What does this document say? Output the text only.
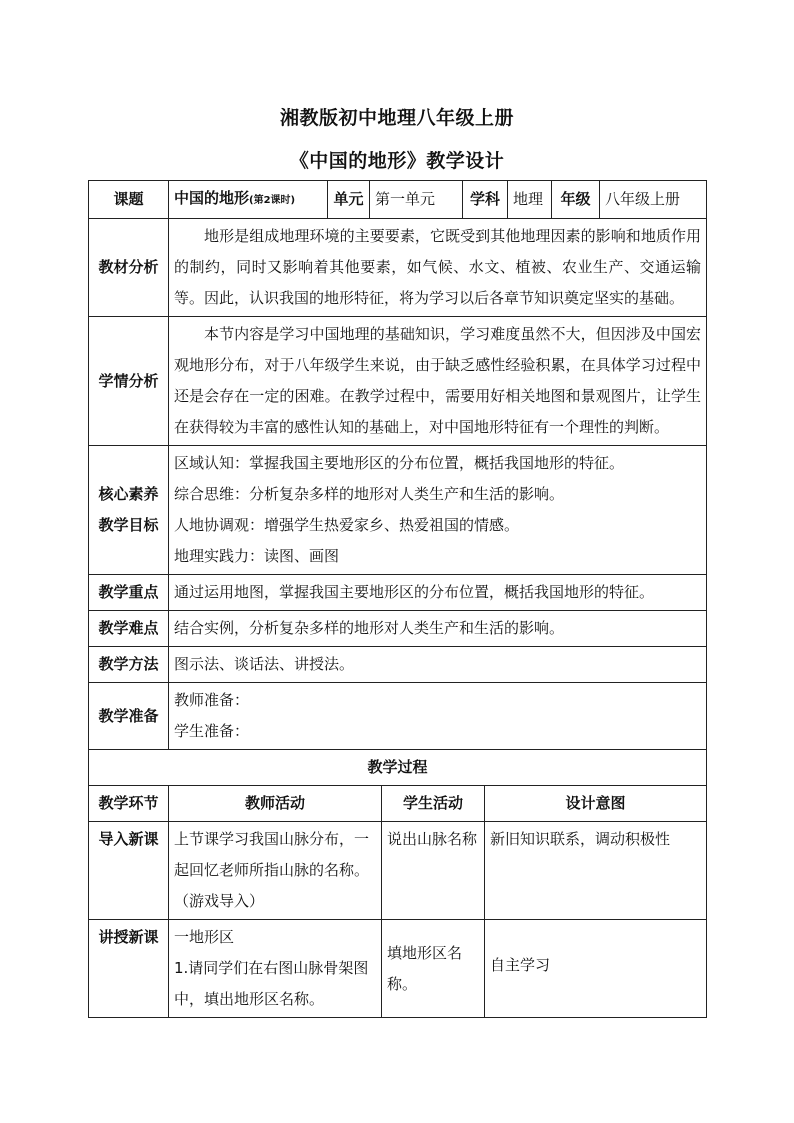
湘教版初中地理八年级上册
《中国的地形》教学设计
课题	中国的地形(第2课时)	单元	第一单元		学科		地理	年级	八年级上册
教材分析	地形是组成地理环境的主要要素，它既受到其他地理因素的影响和地质作用的制约，同时又影响着其他要素，如气候、水文、植被、农业生产、交通运输等。因此，认识我国的地形特征，将为学习以后各章节知识奠定坚实的基础。								

学情分析	本节内容是学习中国地理的基础知识，学习难度虽然不大，但因涉及中国宏观地形分布，对于八年级学生来说，由于缺乏感性经验积累，在具体学习过程中还是会存在一定的困难。在教学过程中，需要用好相关地图和景观图片，让学生在获得较为丰富的感性认知的基础上，对中国地形特征有一个理性的判断。								

核心素养
教学目标	区域认知：掌握我国主要地形区的分布位置，概括我国地形的特征。
综合思维：分析复杂多样的地形对人类生产和生活的影响。
人地协调观：增强学生热爱家乡、热爱祖国的情感。
地理实践力：读图、画图								

教学重点	通过运用地图，掌握我国主要地形区的分布位置，概括我国地形的特征。								
教学难点	结合实例，分析复杂多样的地形对人类生产和生活的影响。								
教学方法	图示法、谈话法、讲授法。								
教学准备	教师准备：
学生准备：								

教学过程									
教学环节	教师活动			学生活动		设计意图			
导入新课	上节课学习我国山脉分布，一起回忆老师所指山脉的名称。（游戏导入）			说出山脉名称		新旧知识联系，调动积极性			
讲授新课	一地形区
1.请同学们在右图山脉骨架图中，填出地形区名称。			填地形区名称。		自主学习			
